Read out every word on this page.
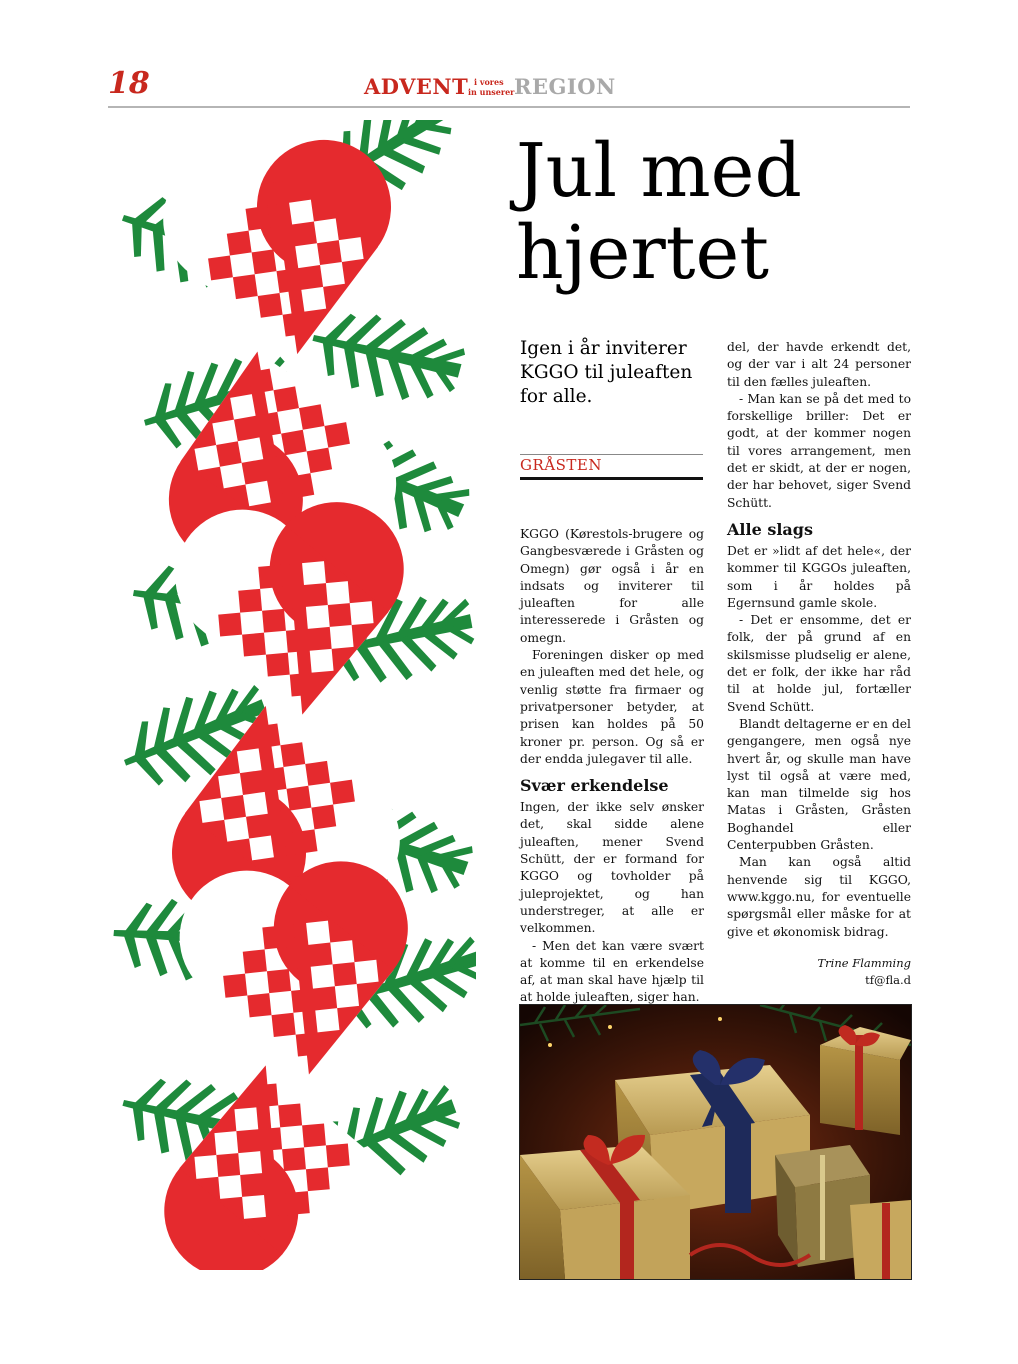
18	ADVENT i vores
in unserer REGION
Jul med
hjertet
Igen i år inviterer KGGO til juleaften for alle.
GRÅSTEN

KGGO (Kørestols-brugere og Gangbesværede i Gråsten og Omegn) gør også i år en indsats og inviterer til juleaften for alle interesserede i Gråsten og omegn.

Foreningen disker op med en juleaften med det hele, og venlig støtte fra firmaer og privatpersoner betyder, at prisen kan holdes på 50 kroner pr. person. Og så er der endda julegaver til alle.

Svær erkendelse

Ingen, der ikke selv ønsker det, skal sidde alene juleaften, mener Svend Schütt, der er formand for KGGO og tovholder på juleprojektet, og han understreger, at alle er velkommen.

- Men det kan være svært at komme til en erkendelse af, at man skal have hjælp til at holde juleaften, siger han.

del, der havde erkendt det, og der var i alt 24 personer til den fælles juleaften.

- Man kan se på det med to forskellige briller: Det er godt, at der kommer nogen til vores arrangement, men det er skidt, at der er nogen, der har behovet, siger Svend Schütt.

Alle slags

Det er »lidt af det hele«, der kommer til KGGOs juleaften, som i år holdes på Egernsund gamle skole.

- Det er ensomme, det er folk, der på grund af en skilsmisse pludselig er alene, det er folk, der ikke har råd til at holde jul, fortæller Svend Schütt.

Blandt deltagerne er en del gengangere, men også nye hvert år, og skulle man have lyst til også at være med, kan man tilmelde sig hos Matas i Gråsten, Gråsten Boghandel eller Centerpubben Gråsten.

Man kan også altid henvende sig til KGGO, www.kggo.nu, for eventuelle spørgsmål eller måske for at give et økonomisk bidrag.

Trine Flamming
tf@fla.d
